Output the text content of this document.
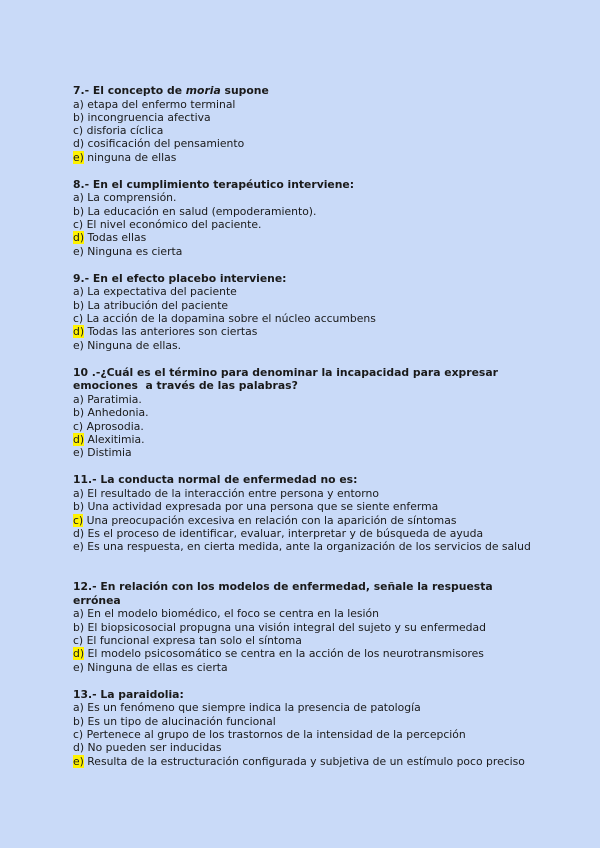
7.- El concepto de moria supone
a) etapa del enfermo terminal
b) incongruencia afectiva
c) disforia cíclica
d) cosificación del pensamiento
e) ninguna de ellas
8.- En el cumplimiento terapéutico interviene:
a) La comprensión.
b) La educación en salud (empoderamiento).
c) El nivel económico del paciente.
d) Todas ellas
e) Ninguna es cierta
9.- En el efecto placebo interviene:
a) La expectativa del paciente
b) La atribución del paciente
c) La acción de la dopamina sobre el núcleo accumbens
d) Todas las anteriores son ciertas
e) Ninguna de ellas.
10 .-¿Cuál es el término para denominar la incapacidad para expresar
emociones  a través de las palabras?
a) Paratimia.
b) Anhedonia.
c) Aprosodia.
d) Alexitimia.
e) Distimia
11.- La conducta normal de enfermedad no es:
a) El resultado de la interacción entre persona y entorno
b) Una actividad expresada por una persona que se siente enferma
c) Una preocupación excesiva en relación con la aparición de síntomas
d) Es el proceso de identificar, evaluar, interpretar y de búsqueda de ayuda
e) Es una respuesta, en cierta medida, ante la organización de los servicios de salud
12.- En relación con los modelos de enfermedad, señale la respuesta errónea
a) En el modelo biomédico, el foco se centra en la lesión
b) El biopsicosocial propugna una visión integral del sujeto y su enfermedad
c) El funcional expresa tan solo el síntoma
d) El modelo psicosomático se centra en la acción de los neurotransmisores
e) Ninguna de ellas es cierta
13.- La paraidolia:
a) Es un fenómeno que siempre indica la presencia de patología
b) Es un tipo de alucinación funcional
c) Pertenece al grupo de los trastornos de la intensidad de la percepción
d) No pueden ser inducidas
e) Resulta de la estructuración configurada y subjetiva de un estímulo poco preciso
